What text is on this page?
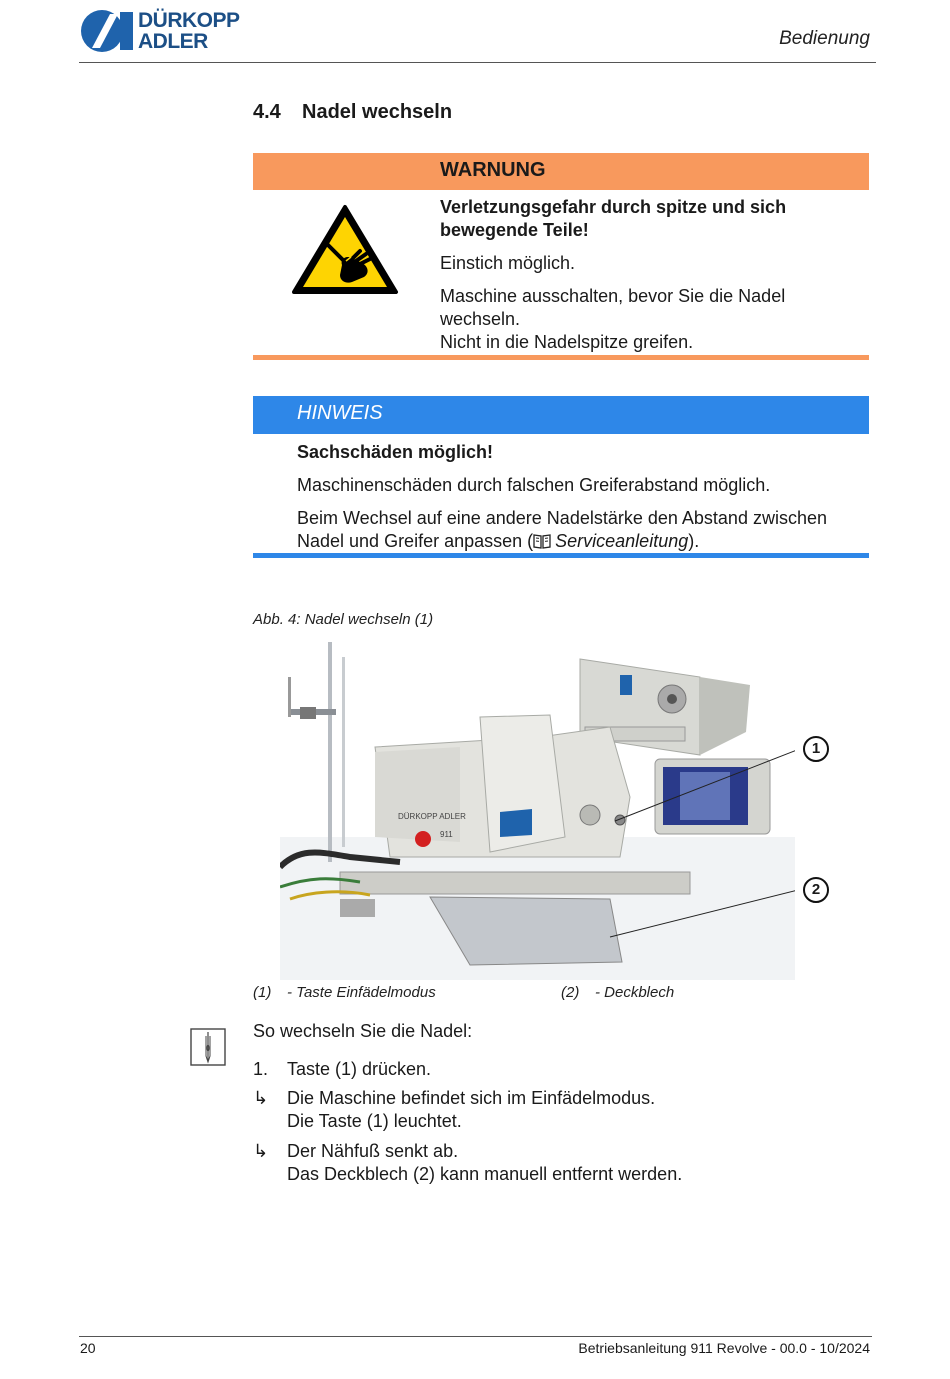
DÜRKOPP
ADLER	Bedienung
4.4 Nadel wechseln
WARNUNG

Verletzungsgefahr durch spitze und sich bewegende Teile!

Einstich möglich.

Maschine ausschalten, bevor Sie die Nadel wechseln.

Nicht in die Nadelspitze greifen.

HINWEIS

Sachschäden möglich!

Maschinenschäden durch falschen Greiferabstand möglich.

Beim Wechsel auf eine andere Nadelstärke den Abstand zwischen Nadel und Greifer anpassen ( Serviceanleitung).

Abb. 4: Nadel wechseln (1)
DÜRKOPP ADLER
911
1
2
(1) - Taste Einfädelmodus	(2) - Deckblech
So wechseln Sie die Nadel:
1.	Taste (1) drücken.
↳	Die Maschine befindet sich im Einfädelmodus.
Die Taste (1) leuchtet.
↳	Der Nähfuß senkt ab.
Das Deckblech (2) kann manuell entfernt werden.
20	Betriebsanleitung 911 Revolve - 00.0 - 10/2024
